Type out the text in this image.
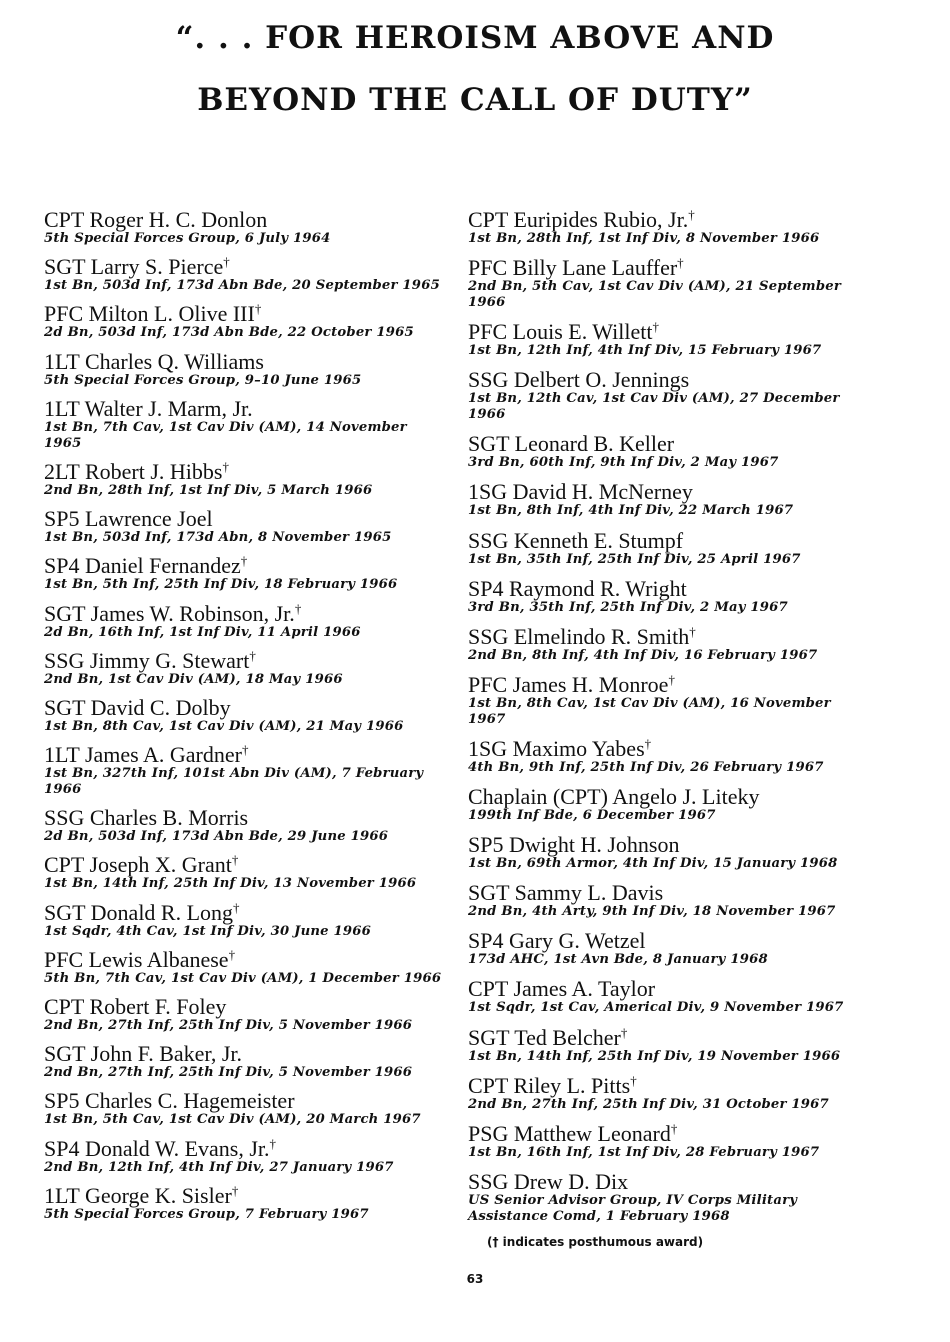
“. . . FOR HEROISM ABOVE AND
BEYOND THE CALL OF DUTY”
CPT Roger H. C. Donlon
5th Special Forces Group, 6 July 1964
SGT Larry S. Pierce†
1st Bn, 503d Inf, 173d Abn Bde, 20 September 1965
PFC Milton L. Olive III†
2d Bn, 503d Inf, 173d Abn Bde, 22 October 1965
1LT Charles Q. Williams
5th Special Forces Group, 9–10 June 1965
1LT Walter J. Marm, Jr.
1st Bn, 7th Cav, 1st Cav Div (AM), 14 November 1965
2LT Robert J. Hibbs†
2nd Bn, 28th Inf, 1st Inf Div, 5 March 1966
SP5 Lawrence Joel
1st Bn, 503d Inf, 173d Abn, 8 November 1965
SP4 Daniel Fernandez†
1st Bn, 5th Inf, 25th Inf Div, 18 February 1966
SGT James W. Robinson, Jr.†
2d Bn, 16th Inf, 1st Inf Div, 11 April 1966
SSG Jimmy G. Stewart†
2nd Bn, 1st Cav Div (AM), 18 May 1966
SGT David C. Dolby
1st Bn, 8th Cav, 1st Cav Div (AM), 21 May 1966
1LT James A. Gardner†
1st Bn, 327th Inf, 101st Abn Div (AM), 7 February 1966
SSG Charles B. Morris
2d Bn, 503d Inf, 173d Abn Bde, 29 June 1966
CPT Joseph X. Grant†
1st Bn, 14th Inf, 25th Inf Div, 13 November 1966
SGT Donald R. Long†
1st Sqdr, 4th Cav, 1st Inf Div, 30 June 1966
PFC Lewis Albanese†
5th Bn, 7th Cav, 1st Cav Div (AM), 1 December 1966
CPT Robert F. Foley
2nd Bn, 27th Inf, 25th Inf Div, 5 November 1966
SGT John F. Baker, Jr.
2nd Bn, 27th Inf, 25th Inf Div, 5 November 1966
SP5 Charles C. Hagemeister
1st Bn, 5th Cav, 1st Cav Div (AM), 20 March 1967
SP4 Donald W. Evans, Jr.†
2nd Bn, 12th Inf, 4th Inf Div, 27 January 1967
1LT George K. Sisler†
5th Special Forces Group, 7 February 1967
CPT Euripides Rubio, Jr.†
1st Bn, 28th Inf, 1st Inf Div, 8 November 1966
PFC Billy Lane Lauffer†
2nd Bn, 5th Cav, 1st Cav Div (AM), 21 September 1966
PFC Louis E. Willett†
1st Bn, 12th Inf, 4th Inf Div, 15 February 1967
SSG Delbert O. Jennings
1st Bn, 12th Cav, 1st Cav Div (AM), 27 December 1966
SGT Leonard B. Keller
3rd Bn, 60th Inf, 9th Inf Div, 2 May 1967
1SG David H. McNerney
1st Bn, 8th Inf, 4th Inf Div, 22 March 1967
SSG Kenneth E. Stumpf
1st Bn, 35th Inf, 25th Inf Div, 25 April 1967
SP4 Raymond R. Wright
3rd Bn, 35th Inf, 25th Inf Div, 2 May 1967
SSG Elmelindo R. Smith†
2nd Bn, 8th Inf, 4th Inf Div, 16 February 1967
PFC James H. Monroe†
1st Bn, 8th Cav, 1st Cav Div (AM), 16 November 1967
1SG Maximo Yabes†
4th Bn, 9th Inf, 25th Inf Div, 26 February 1967
Chaplain (CPT) Angelo J. Liteky
199th Inf Bde, 6 December 1967
SP5 Dwight H. Johnson
1st Bn, 69th Armor, 4th Inf Div, 15 January 1968
SGT Sammy L. Davis
2nd Bn, 4th Arty, 9th Inf Div, 18 November 1967
SP4 Gary G. Wetzel
173d AHC, 1st Avn Bde, 8 January 1968
CPT James A. Taylor
1st Sqdr, 1st Cav, Americal Div, 9 November 1967
SGT Ted Belcher†
1st Bn, 14th Inf, 25th Inf Div, 19 November 1966
CPT Riley L. Pitts†
2nd Bn, 27th Inf, 25th Inf Div, 31 October 1967
PSG Matthew Leonard†
1st Bn, 16th Inf, 1st Inf Div, 28 February 1967
SSG Drew D. Dix
US Senior Advisor Group, IV Corps Military Assistance Comd, 1 February 1968
(† indicates posthumous award)
63
